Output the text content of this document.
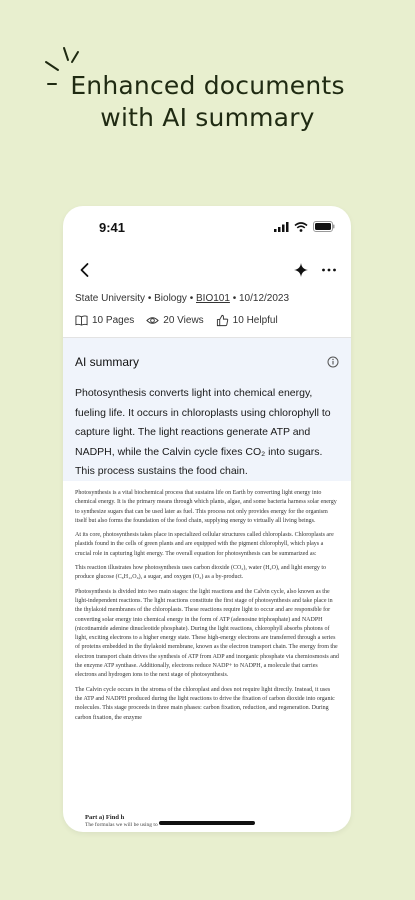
Enhanced documents
with AI summary
9:41
State University • Biology • BIO101 • 10/12/2023
10 Pages	20 Views	10 Helpful
AI summary
Photosynthesis converts light into chemical energy, fueling life. It occurs in chloroplasts using chlorophyll to capture light. The light reactions generate ATP and NADPH, while the Calvin cycle fixes CO₂ into sugars. This process sustains the food chain.

Photosynthesis is a vital biochemical process that sustains life on Earth by converting light energy into chemical energy. It is the primary means through which plants, algae, and some bacteria harness solar energy to synthesize sugars that can be used later as fuel. This process not only provides energy for the organism itself but also forms the foundation of the food chain, supplying energy to virtually all living beings.

At its core, photosynthesis takes place in specialized cellular structures called chloroplasts. Chloroplasts are plastids found in the cells of green plants and are equipped with the pigment chlorophyll, which plays a crucial role in capturing light energy. The overall equation for photosynthesis can be summarized as:

This reaction illustrates how photosynthesis uses carbon dioxide (CO₂), water (H₂O), and light energy to produce glucose (C₆H₁₂O₆), a sugar, and oxygen (O₂) as a by-product.

Photosynthesis is divided into two main stages: the light reactions and the Calvin cycle, also known as the light-independent reactions. The light reactions constitute the first stage of photosynthesis and take place in the thylakoid membranes of the chloroplasts. These reactions require light to occur and are responsible for converting solar energy into chemical energy in the form of ATP (adenosine triphosphate) and NADPH (nicotinamide adenine dinucleotide phosphate). During the light reactions, chlorophyll absorbs photons of light, exciting electrons to a higher energy state. These high-energy electrons are transferred through a series of proteins embedded in the thylakoid membrane, known as the electron transport chain. The energy from the electron transport chain drives the synthesis of ATP from ADP and inorganic phosphate via chemiosmosis and the enzyme ATP synthase. Additionally, electrons reduce NADP+ to NADPH, a molecule that carries electrons and hydrogen ions to the next stage of photosynthesis.

The Calvin cycle occurs in the stroma of the chloroplast and does not require light directly. Instead, it uses the ATP and NADPH produced during the light reactions to drive the fixation of carbon dioxide into organic molecules. This stage proceeds in three main phases: carbon fixation, reduction, and regeneration. During carbon fixation, the enzyme

Part a) Find h
The formulas we will be using to
